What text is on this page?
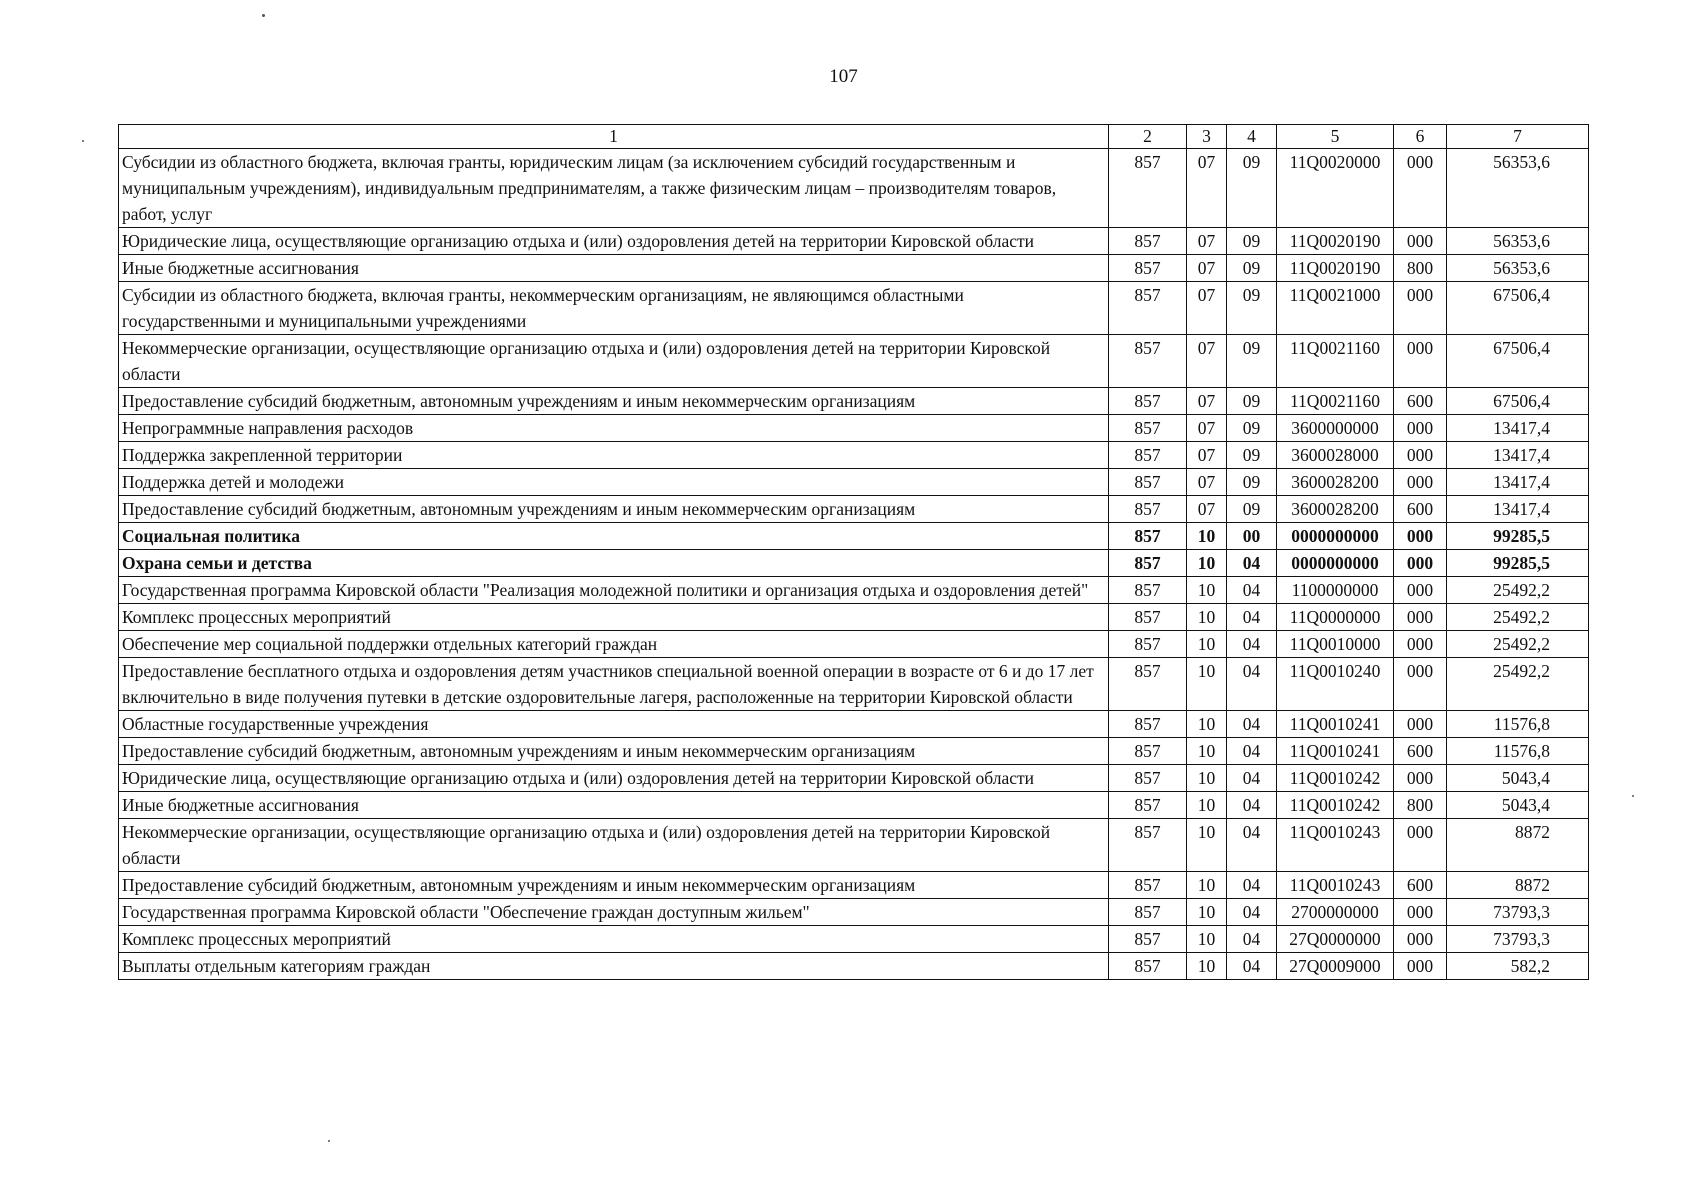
107
1	2	3	4	5	6	7
Субсидии из областного бюджета, включая гранты, юридическим лицам (за исключением субсидий государственным и муниципальным учреждениям), индивидуальным предпринимателям, а также физическим лицам – производителям товаров, работ, услуг	857	07	09	11Q0020000	000	56353,6
Юридические лица, осуществляющие организацию отдыха и (или) оздоровления детей на территории Кировской области	857	07	09	11Q0020190	000	56353,6
Иные бюджетные ассигнования	857	07	09	11Q0020190	800	56353,6
Субсидии из областного бюджета, включая гранты, некоммерческим организациям, не являющимся областными государственными и муниципальными учреждениями	857	07	09	11Q0021000	000	67506,4
Некоммерческие организации, осуществляющие организацию отдыха и (или) оздоровления детей на территории Кировской области	857	07	09	11Q0021160	000	67506,4
Предоставление субсидий бюджетным, автономным учреждениям и иным некоммерческим организациям	857	07	09	11Q0021160	600	67506,4
Непрограммные направления расходов	857	07	09	3600000000	000	13417,4
Поддержка закрепленной территории	857	07	09	3600028000	000	13417,4
Поддержка детей и молодежи	857	07	09	3600028200	000	13417,4
Предоставление субсидий бюджетным, автономным учреждениям и иным некоммерческим организациям	857	07	09	3600028200	600	13417,4
Социальная политика	857	10	00	0000000000	000	99285,5
Охрана семьи и детства	857	10	04	0000000000	000	99285,5
Государственная программа Кировской области "Реализация молодежной политики и организация отдыха и оздоровления детей"	857	10	04	1100000000	000	25492,2
Комплекс процессных мероприятий	857	10	04	11Q0000000	000	25492,2
Обеспечение мер социальной поддержки отдельных категорий граждан	857	10	04	11Q0010000	000	25492,2
Предоставление бесплатного отдыха и оздоровления детям участников специальной военной операции в возрасте от 6 и до 17 лет включительно в виде получения путевки в детские оздоровительные лагеря, расположенные на территории Кировской области	857	10	04	11Q0010240	000	25492,2
Областные государственные учреждения	857	10	04	11Q0010241	000	11576,8
Предоставление субсидий бюджетным, автономным учреждениям и иным некоммерческим организациям	857	10	04	11Q0010241	600	11576,8
Юридические лица, осуществляющие организацию отдыха и (или) оздоровления детей на территории Кировской области	857	10	04	11Q0010242	000	5043,4
Иные бюджетные ассигнования	857	10	04	11Q0010242	800	5043,4
Некоммерческие организации, осуществляющие организацию отдыха и (или) оздоровления детей на территории Кировской области	857	10	04	11Q0010243	000	8872
Предоставление субсидий бюджетным, автономным учреждениям и иным некоммерческим организациям	857	10	04	11Q0010243	600	8872
Государственная программа Кировской области "Обеспечение граждан доступным жильем"	857	10	04	2700000000	000	73793,3
Комплекс процессных мероприятий	857	10	04	27Q0000000	000	73793,3
Выплаты отдельным категориям граждан	857	10	04	27Q0009000	000	582,2
